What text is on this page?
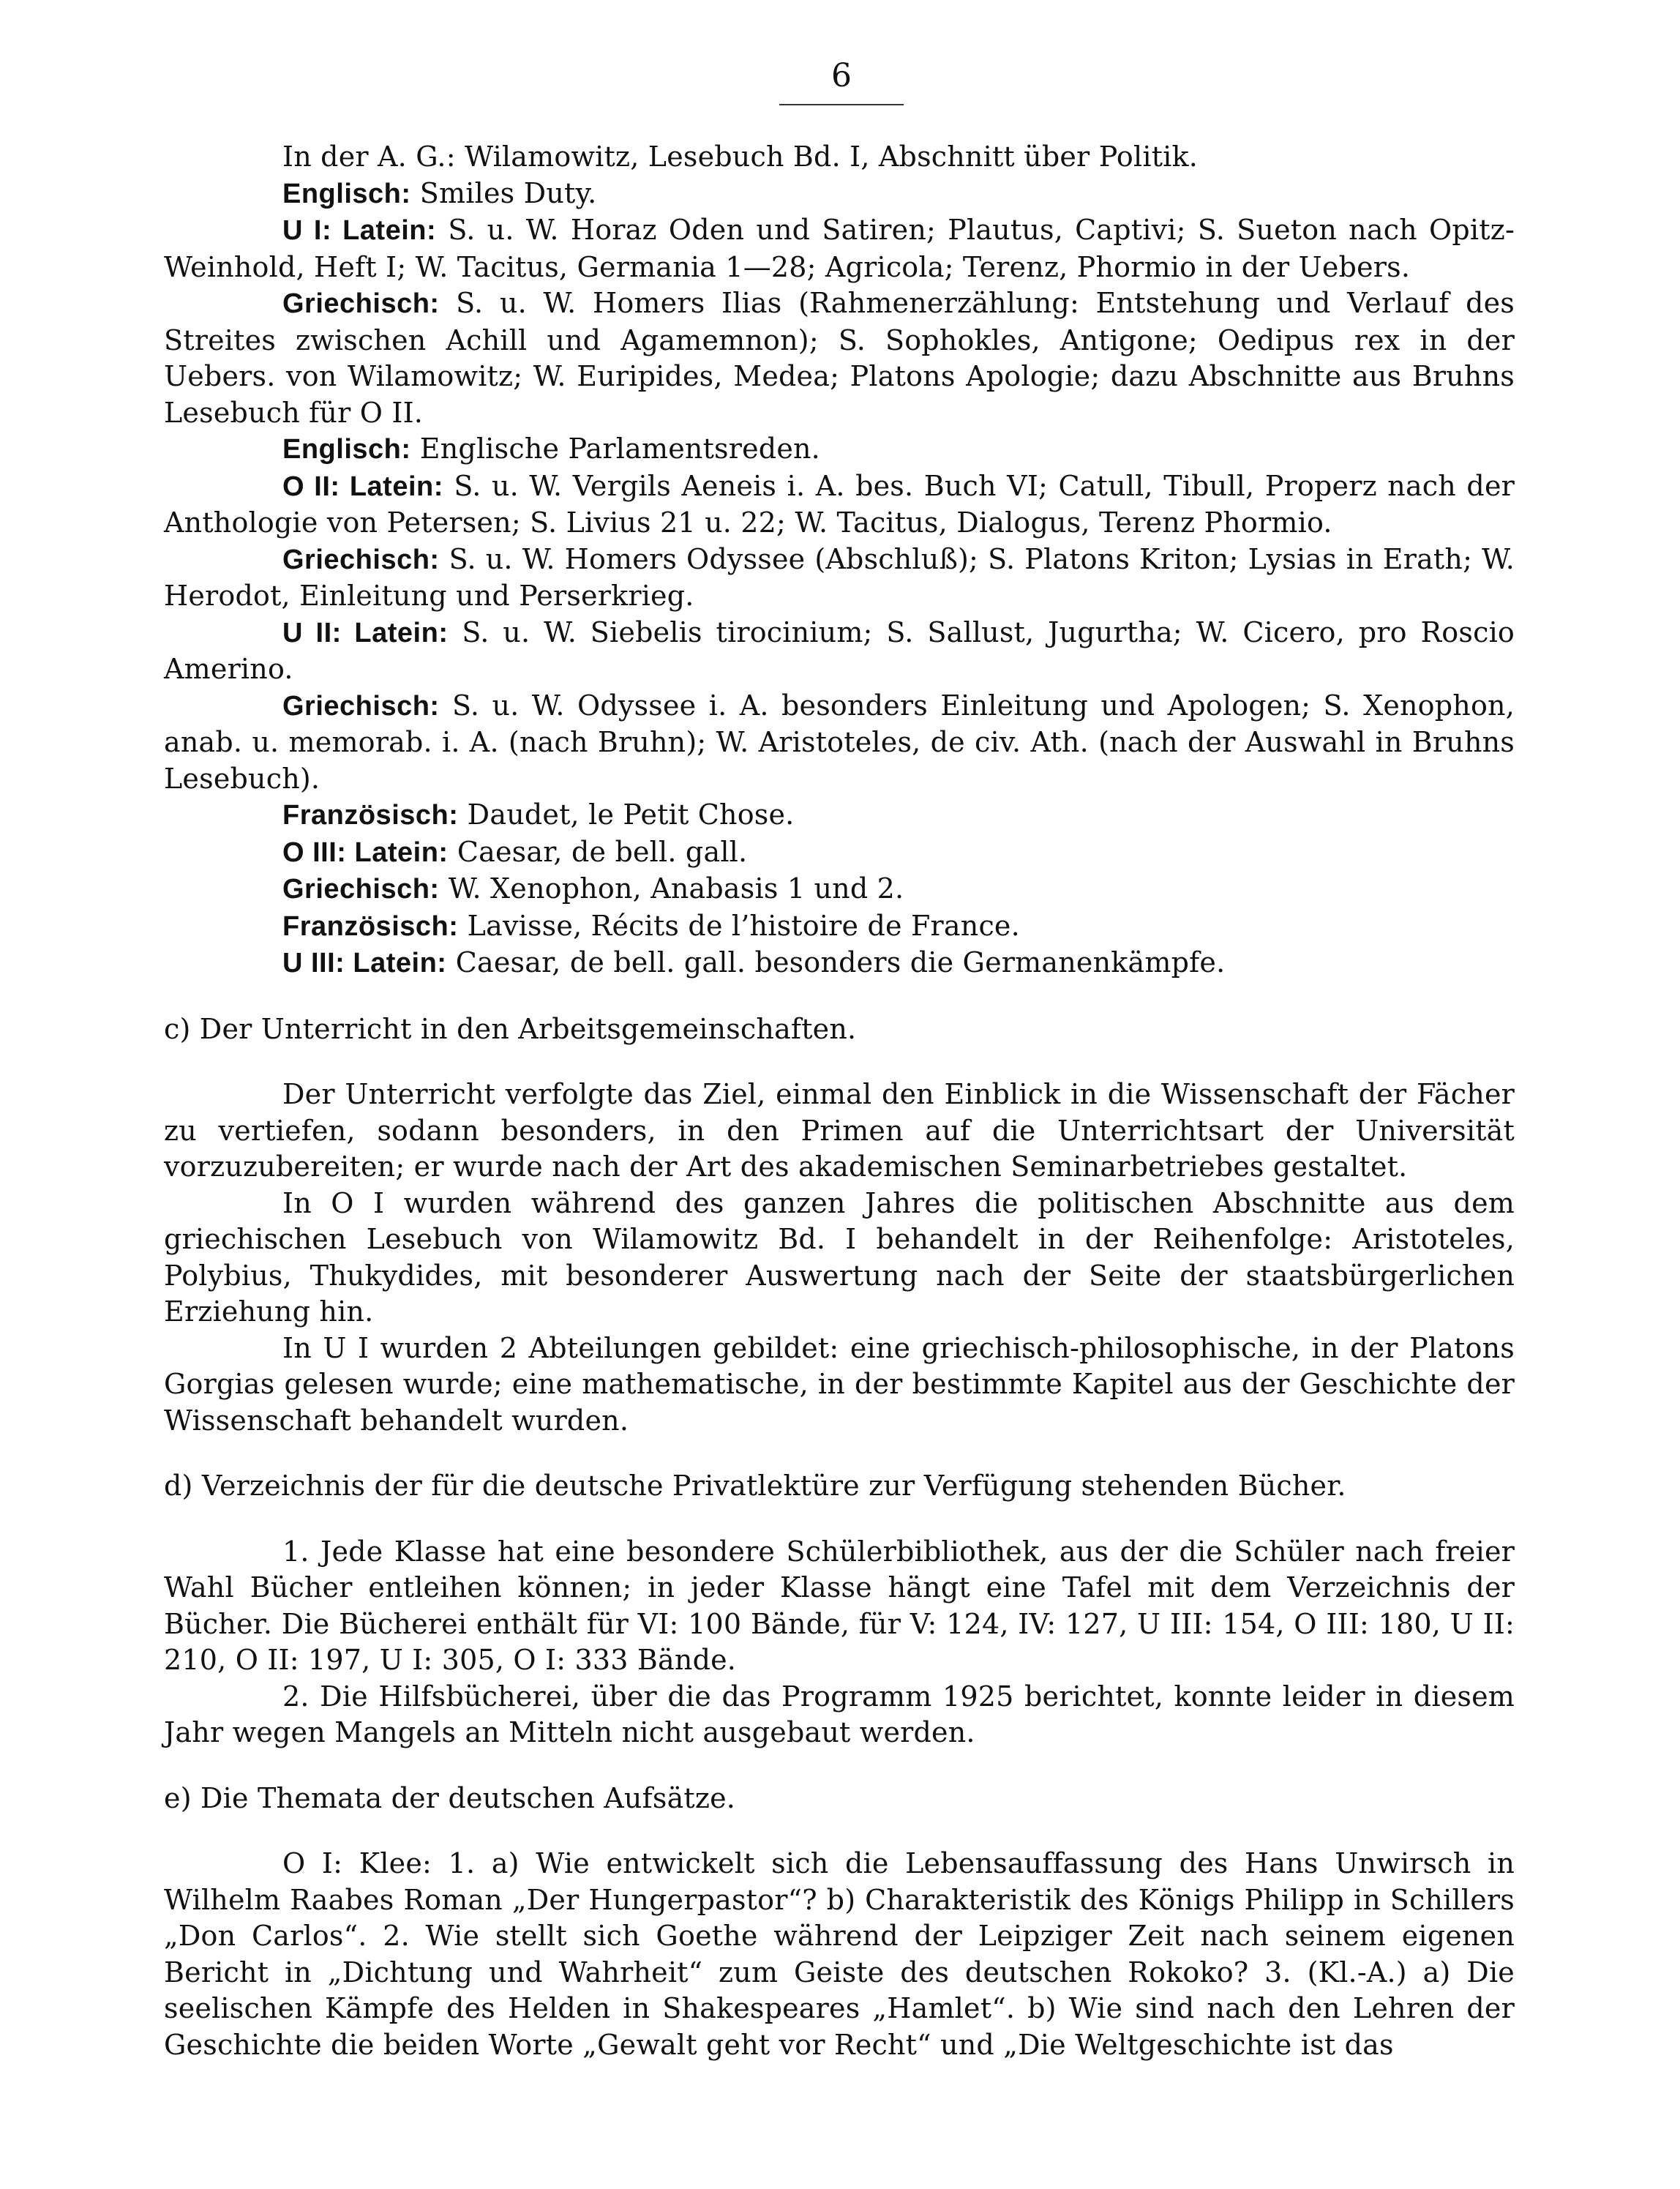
6

In der A. G.: Wilamowitz, Lesebuch Bd. I, Abschnitt über Politik.

Englisch: Smiles Duty.

U I: Latein: S. u. W. Horaz Oden und Satiren; Plautus, Captivi; S. Sueton nach Opitz-Weinhold, Heft I; W. Tacitus, Germania 1—28; Agricola; Terenz, Phormio in der Uebers.

Griechisch: S. u. W. Homers Ilias (Rahmenerzählung: Entstehung und Verlauf des Streites zwischen Achill und Agamemnon); S. Sophokles, Antigone; Oedipus rex in der Uebers. von Wilamowitz; W. Euripides, Medea; Platons Apologie; dazu Abschnitte aus Bruhns Lesebuch für O II.

Englisch: Englische Parlamentsreden.

O II: Latein: S. u. W. Vergils Aeneis i. A. bes. Buch VI; Catull, Tibull, Properz nach der Anthologie von Petersen; S. Livius 21 u. 22; W. Tacitus, Dialogus, Terenz Phormio.

Griechisch: S. u. W. Homers Odyssee (Abschluß); S. Platons Kriton; Lysias in Erath; W. Herodot, Einleitung und Perserkrieg.

U II: Latein: S. u. W. Siebelis tirocinium; S. Sallust, Jugurtha; W. Cicero, pro Roscio Amerino.

Griechisch: S. u. W. Odyssee i. A. besonders Einleitung und Apologen; S. Xenophon, anab. u. memorab. i. A. (nach Bruhn); W. Aristoteles, de civ. Ath. (nach der Auswahl in Bruhns Lesebuch).

Französisch: Daudet, le Petit Chose.

O III: Latein: Caesar, de bell. gall.

Griechisch: W. Xenophon, Anabasis 1 und 2.

Französisch: Lavisse, Récits de l’histoire de France.

U III: Latein: Caesar, de bell. gall. besonders die Germanenkämpfe.

c) Der Unterricht in den Arbeitsgemeinschaften.

Der Unterricht verfolgte das Ziel, einmal den Einblick in die Wissenschaft der Fächer zu vertiefen, sodann besonders, in den Primen auf die Unterrichtsart der Universität vorzuzubereiten; er wurde nach der Art des akademischen Seminarbetriebes gestaltet.

In O I wurden während des ganzen Jahres die politischen Abschnitte aus dem griechischen Lesebuch von Wilamowitz Bd. I behandelt in der Reihenfolge: Aristoteles, Polybius, Thukydides, mit besonderer Auswertung nach der Seite der staatsbürgerlichen Erziehung hin.

In U I wurden 2 Abteilungen gebildet: eine griechisch-philosophische, in der Platons Gorgias gelesen wurde; eine mathematische, in der bestimmte Kapitel aus der Geschichte der Wissenschaft behandelt wurden.

d) Verzeichnis der für die deutsche Privatlektüre zur Verfügung stehenden Bücher.

1. Jede Klasse hat eine besondere Schülerbibliothek, aus der die Schüler nach freier Wahl Bücher entleihen können; in jeder Klasse hängt eine Tafel mit dem Verzeichnis der Bücher. Die Bücherei enthält für VI: 100 Bände, für V: 124, IV: 127, U III: 154, O III: 180, U II: 210, O II: 197, U I: 305, O I: 333 Bände.

2. Die Hilfsbücherei, über die das Programm 1925 berichtet, konnte leider in diesem Jahr wegen Mangels an Mitteln nicht ausgebaut werden.

e) Die Themata der deutschen Aufsätze.

O I: Klee: 1. a) Wie entwickelt sich die Lebensauffassung des Hans Unwirsch in Wilhelm Raabes Roman „Der Hungerpastor“? b) Charakteristik des Königs Philipp in Schillers „Don Carlos“. 2. Wie stellt sich Goethe während der Leipziger Zeit nach seinem eigenen Bericht in „Dichtung und Wahrheit“ zum Geiste des deutschen Rokoko? 3. (Kl.-A.) a) Die seelischen Kämpfe des Helden in Shakespeares „Hamlet“. b) Wie sind nach den Lehren der Geschichte die beiden Worte „Gewalt geht vor Recht“ und „Die Weltgeschichte ist das
